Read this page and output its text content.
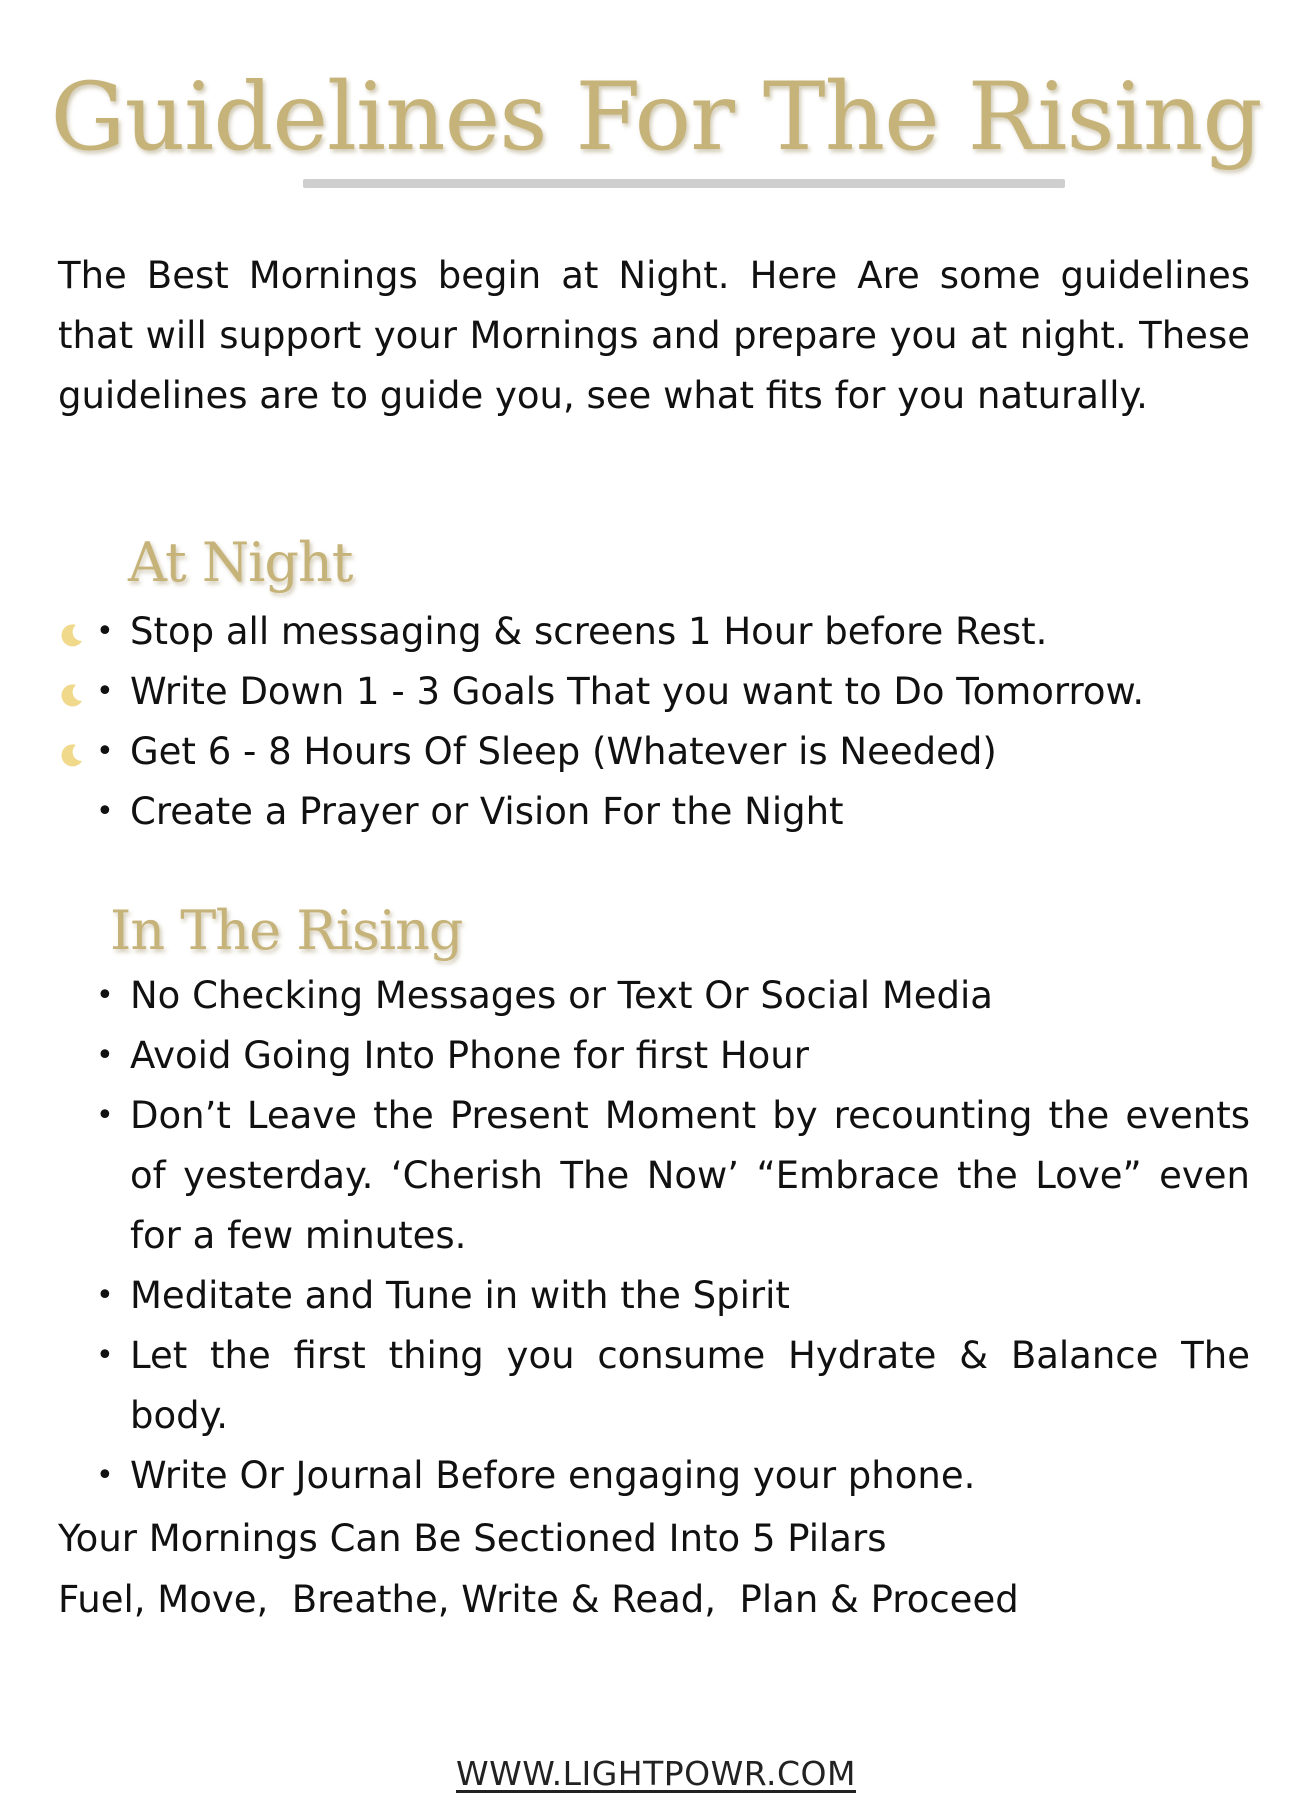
Guidelines For The Rising

The Best Mornings begin at Night. Here Are some guidelines that will support your Mornings and prepare you at night. These guidelines are to guide you, see what fits for you naturally.

At Night
• Stop all messaging & screens 1 Hour before Rest.
• Write Down 1 - 3 Goals That you want to Do Tomorrow.
• Get 6 - 8 Hours Of Sleep (Whatever is Needed)
• Create a Prayer or Vision For the Night
In The Rising
• No Checking Messages or Text Or Social Media
• Avoid Going Into Phone for first Hour
• Don’t Leave the Present Moment by recounting the events of yesterday. ‘Cherish The Now’ “Embrace the Love” even for a few minutes.
• Meditate and Tune in with the Spirit
• Let the first thing you consume Hydrate & Balance The body.
• Write Or Journal Before engaging your phone.
Your Mornings Can Be Sectioned Into 5 Pilars
Fuel, Move,  Breathe, Write & Read,  Plan & Proceed
WWW.LIGHTPOWR.COM
